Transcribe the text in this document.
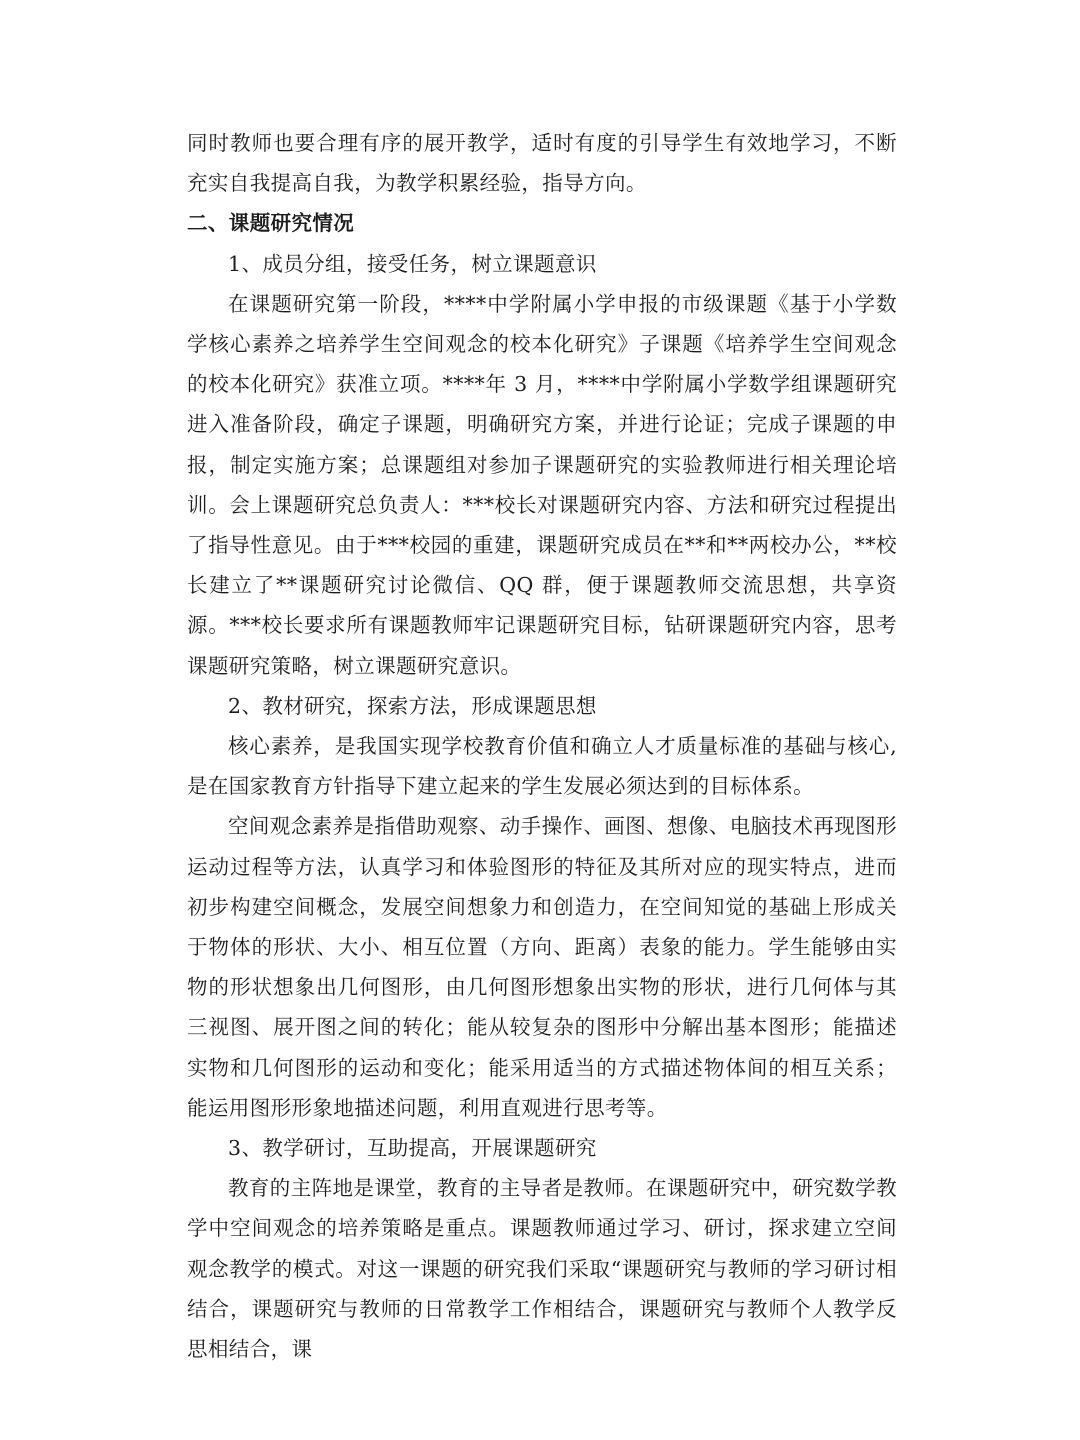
同时教师也要合理有序的展开教学，适时有度的引导学生有效地学习，不断充实自我提高自我，为教学积累经验，指导方向。

二、课题研究情况

1、成员分组，接受任务，树立课题意识

在课题研究第一阶段，****中学附属小学申报的市级课题《基于小学数学核心素养之培养学生空间观念的校本化研究》子课题《培养学生空间观念的校本化研究》获准立项。****年 3 月，****中学附属小学数学组课题研究进入准备阶段，确定子课题，明确研究方案，并进行论证；完成子课题的申报，制定实施方案；总课题组对参加子课题研究的实验教师进行相关理论培训。会上课题研究总负责人：***校长对课题研究内容、方法和研究过程提出了指导性意见。由于***校园的重建，课题研究成员在**和**两校办公，**校长建立了**课题研究讨论微信、QQ 群，便于课题教师交流思想，共享资源。***校长要求所有课题教师牢记课题研究目标，钻研课题研究内容，思考课题研究策略，树立课题研究意识。

2、教材研究，探索方法，形成课题思想

核心素养，是我国实现学校教育价值和确立人才质量标准的基础与核心,是在国家教育方针指导下建立起来的学生发展必须达到的目标体系。

空间观念素养是指借助观察、动手操作、画图、想像、电脑技术再现图形运动过程等方法，认真学习和体验图形的特征及其所对应的现实特点，进而初步构建空间概念，发展空间想象力和创造力，在空间知觉的基础上形成关于物体的形状、大小、相互位置（方向、距离）表象的能力。学生能够由实物的形状想象出几何图形，由几何图形想象出实物的形状，进行几何体与其三视图、展开图之间的转化；能从较复杂的图形中分解出基本图形；能描述实物和几何图形的运动和变化；能采用适当的方式描述物体间的相互关系；能运用图形形象地描述问题，利用直观进行思考等。

3、教学研讨，互助提高，开展课题研究

教育的主阵地是课堂，教育的主导者是教师。在课题研究中，研究数学教学中空间观念的培养策略是重点。课题教师通过学习、研讨，探求建立空间观念教学的模式。对这一课题的研究我们采取“课题研究与教师的学习研讨相结合，课题研究与教师的日常教学工作相结合，课题研究与教师个人教学反思相结合，课
